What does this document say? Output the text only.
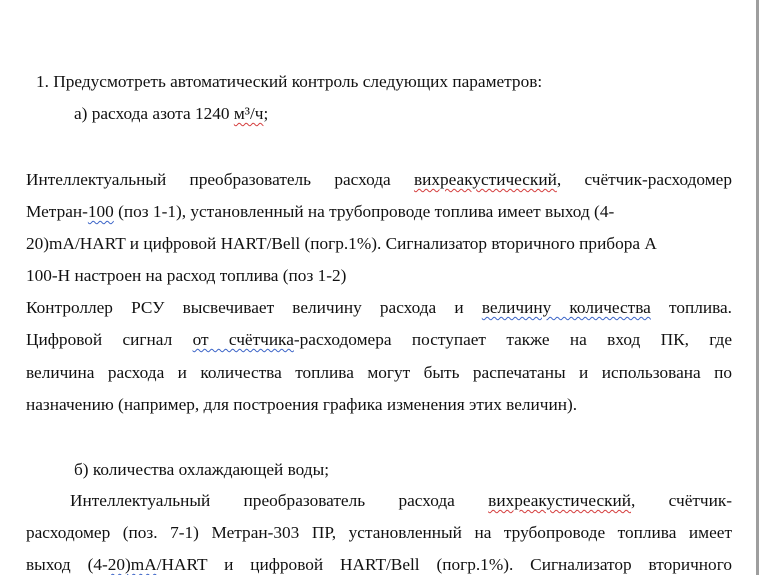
1. Предусмотреть автоматический контроль следующих параметров:

а) расхода азота 1240 м³/ч;

Интеллектуальный преобразователь расхода вихреакустический, счётчик-расходомер

Метран-100 (поз 1-1), установленный на трубопроводе топлива имеет выход (4-

20)mA/HART и цифровой HART/Bell (погр.1%). Сигнализатор вторичного прибора А

100-Н настроен на расход топлива (поз 1-2)

Контроллер РСУ высвечивает величину расхода и величину количества топлива.

Цифровой сигнал от счётчика-расходомера поступает также на вход ПК, где

величина расхода и количества топлива могут быть распечатаны и использована по

назначению (например, для построения графика изменения этих величин).

б) количества охлаждающей воды;

Интеллектуальный преобразователь расхода вихреакустический, счётчик-

расходомер (поз. 7-1) Метран-303 ПР, установленный на трубопроводе топлива имеет

выход (4-20)mA/HART и цифровой HART/Bell (погр.1%). Сигнализатор вторичного
